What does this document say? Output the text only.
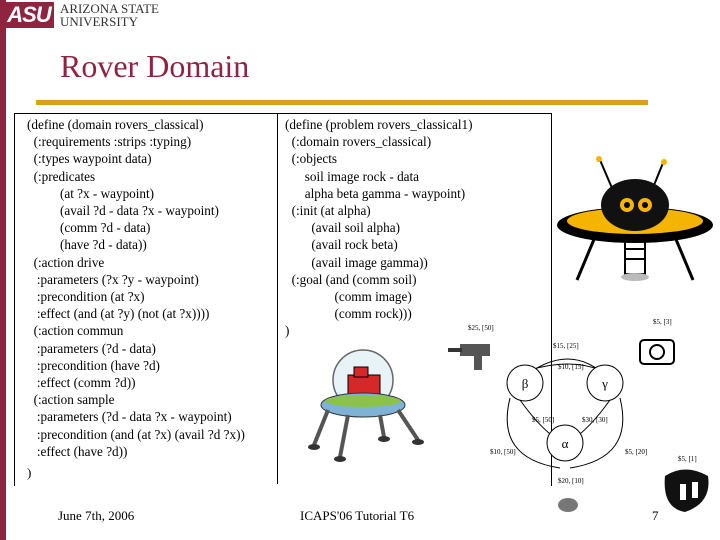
ASU ARIZONA STATE
UNIVERSITY
Rover Domain
(define (domain rovers_classical)
(:requirements :strips :typing)
(:types waypoint data)
(:predicates
(at ?x - waypoint)
(avail ?d - data ?x - waypoint)
(comm ?d - data)
(have ?d - data))
(:action drive
:parameters (?x ?y - waypoint)
:precondition (at ?x)
:effect (and (at ?y) (not (at ?x))))
(:action commun
:parameters (?d - data)
:precondition (have ?d)
:effect (comm ?d))
(:action sample
:parameters (?d - data ?x - waypoint)
:precondition (and (at ?x) (avail ?d ?x))
:effect (have ?d))
)
(define (problem rovers_classical1)
(:domain rovers_classical)
(:objects
soil image rock - data
alpha beta gamma - waypoint)
(:init (at alpha)
(avail soil alpha)
(avail rock beta)
(avail image gamma))
(:goal (and (comm soil)
(comm image)
(comm rock)))
)
β	γ
α
$25, [50]
$15, [25]
$10, [15]
$5, [3]
$5, [50]	$30, [30]
$10, [50]	$5, [20]
$5, [1]
$20, [10]
June 7th, 2006	ICAPS'06 Tutorial T6	7
